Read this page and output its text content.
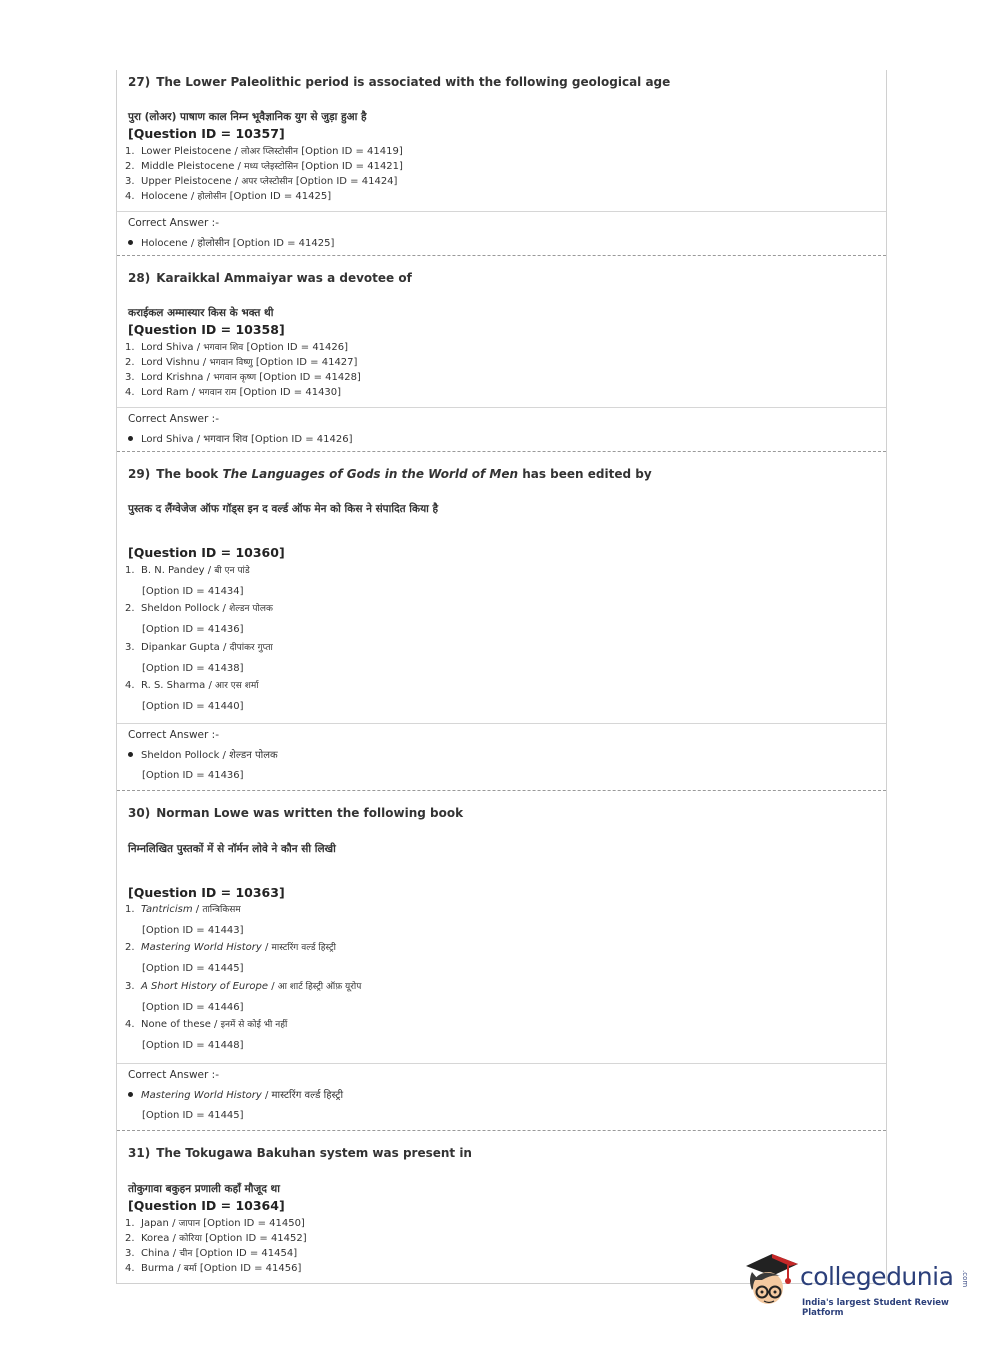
27) The Lower Paleolithic period is associated with the following geological age
पुरा (लोअर) पाषाण काल निम्न भूवैज्ञानिक युग से जुड़ा हुआ है
[Question ID = 10357]
1. Lower Pleistocene / लोअर प्लिस्टोसीन [Option ID = 41419]
2. Middle Pleistocene / मध्य प्लेइस्टोसिन [Option ID = 41421]
3. Upper Pleistocene / अपर प्लेस्टोसीन [Option ID = 41424]
4. Holocene / होलोसीन [Option ID = 41425]
Correct Answer :-
Holocene / होलोसीन [Option ID = 41425]
28) Karaikkal Ammaiyar was a devotee of
कराईकल अम्मास्यार किस के भक्त थी
[Question ID = 10358]
1. Lord Shiva / भगवान शिव [Option ID = 41426]
2. Lord Vishnu / भगवान विष्णु [Option ID = 41427]
3. Lord Krishna / भगवान कृष्ण [Option ID = 41428]
4. Lord Ram / भगवान राम [Option ID = 41430]
Correct Answer :-
Lord Shiva / भगवान शिव [Option ID = 41426]
29) The book The Languages of Gods in the World of Men has been edited by
पुस्तक द लैंग्वेजेज ऑफ गॉड्स इन द वर्ल्ड ऑफ मेन को किस ने संपादित किया है
[Question ID = 10360]
1. B. N. Pandey / बी एन पांडे
[Option ID = 41434]
2. Sheldon Pollock / शेल्डन पोलक
[Option ID = 41436]
3. Dipankar Gupta / दीपांकर गुप्ता
[Option ID = 41438]
4. R. S. Sharma / आर एस शर्मा
[Option ID = 41440]
Correct Answer :-
Sheldon Pollock / शेल्डन पोलक
[Option ID = 41436]
30) Norman Lowe was written the following book
निम्नलिखित पुस्तकों में से नॉर्मन लोवे ने कौन सी लिखी
[Question ID = 10363]
1. Tantricism / तान्त्रिकिसम
[Option ID = 41443]
2. Mastering World History / मास्टरिंग वर्ल्ड हिस्ट्री
[Option ID = 41445]
3. A Short History of Europe / आ शार्ट हिस्ट्री ऑफ़ यूरोप
[Option ID = 41446]
4. None of these / इनमें से कोई भी नहीं
[Option ID = 41448]
Correct Answer :-
Mastering World History / मास्टरिंग वर्ल्ड हिस्ट्री
[Option ID = 41445]
31) The Tokugawa Bakuhan system was present in
तोकुगावा बकुहन प्रणाली कहाँ मौजूद था
[Question ID = 10364]
1. Japan / जापान [Option ID = 41450]
2. Korea / कोरिया [Option ID = 41452]
3. China / चीन [Option ID = 41454]
4. Burma / बर्मा [Option ID = 41456]	collegedunia .com
India's largest Student Review Platform
